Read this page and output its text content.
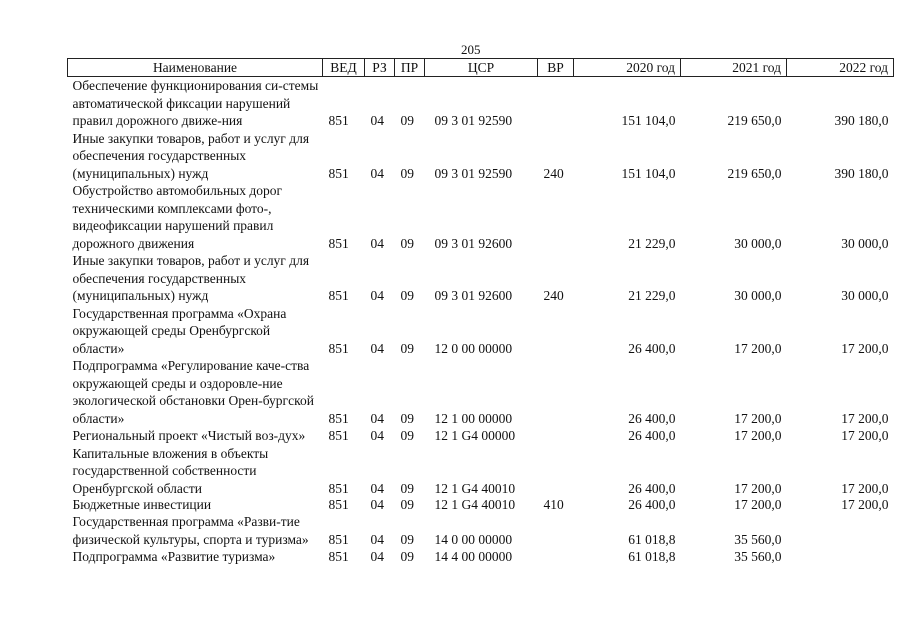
205
Наименование	ВЕД	РЗ	ПР	ЦСР	ВР	2020 год	2021 год	2022 год
Обеспечение функционирования си-стемы автоматической фиксации нарушений правил дорожного движе-ния	851	04	09	09 3 01 92590		151 104,0	219 650,0	390 180,0
Иные закупки товаров, работ и услуг для обеспечения государственных (муниципальных) нужд	851	04	09	09 3 01 92590	240	151 104,0	219 650,0	390 180,0
Обустройство автомобильных дорог техническими комплексами фото-, видеофиксации нарушений правил дорожного движения	851	04	09	09 3 01 92600		21 229,0	30 000,0	30 000,0
Иные закупки товаров, работ и услуг для обеспечения государственных (муниципальных) нужд	851	04	09	09 3 01 92600	240	21 229,0	30 000,0	30 000,0
Государственная программа «Охрана окружающей среды Оренбургской области»	851	04	09	12 0 00 00000		26 400,0	17 200,0	17 200,0
Подпрограмма «Регулирование каче-ства окружающей среды и оздоровле-ние экологической обстановки Орен-бургской области»	851	04	09	12 1 00 00000		26 400,0	17 200,0	17 200,0
Региональный проект «Чистый воз-дух»	851	04	09	12 1 G4 00000		26 400,0	17 200,0	17 200,0
Капитальные вложения в объекты государственной собственности Оренбургской области	851	04	09	12 1 G4 40010		26 400,0	17 200,0	17 200,0
Бюджетные инвестиции	851	04	09	12 1 G4 40010	410	26 400,0	17 200,0	17 200,0
Государственная программа «Разви-тие физической культуры, спорта и туризма»	851	04	09	14 0 00 00000		61 018,8	35 560,0	
Подпрограмма «Развитие туризма»	851	04	09	14 4 00 00000		61 018,8	35 560,0	
